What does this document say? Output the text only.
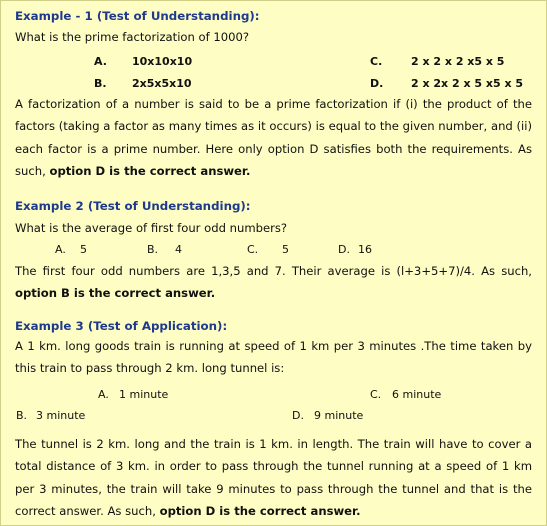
Example - 1 (Test of Understanding):
What is the prime factorization of 1000?
A. 10x10x10	C.	2 x 2 x 2 x5 x 5
B. 2x5x5x10	D.	2 x 2x 2 x 5 x5 x 5

A factorization of a number is said to be a prime factorization if (i) the product of the factors (taking a factor as many times as it occurs) is equal to the given number, and (ii) each factor is a prime number. Here only option D satisfies both the requirements. As such, option D is the correct answer.

Example 2 (Test of Understanding):
What is the average of first four odd numbers?
A. 5	B. 4	C. 5	D. 16

The first four odd numbers are 1,3,5 and 7. Their average is (l+3+5+7)/4. As such, option B is the correct answer.

Example 3 (Test of Application):
A 1 km. long goods train is running at speed of 1 km per 3 minutes .The time taken by this train to pass through 2 km. long tunnel is:
A. 1 minute	C. 6 minute
B. 3 minute	D. 9 minute

The tunnel is 2 km. long and the train is 1 km. in length. The train will have to cover a total distance of 3 km. in order to pass through the tunnel running at a speed of 1 km per 3 minutes, the train will take 9 minutes to pass through the tunnel and that is the correct answer. As such, option D is the correct answer.
